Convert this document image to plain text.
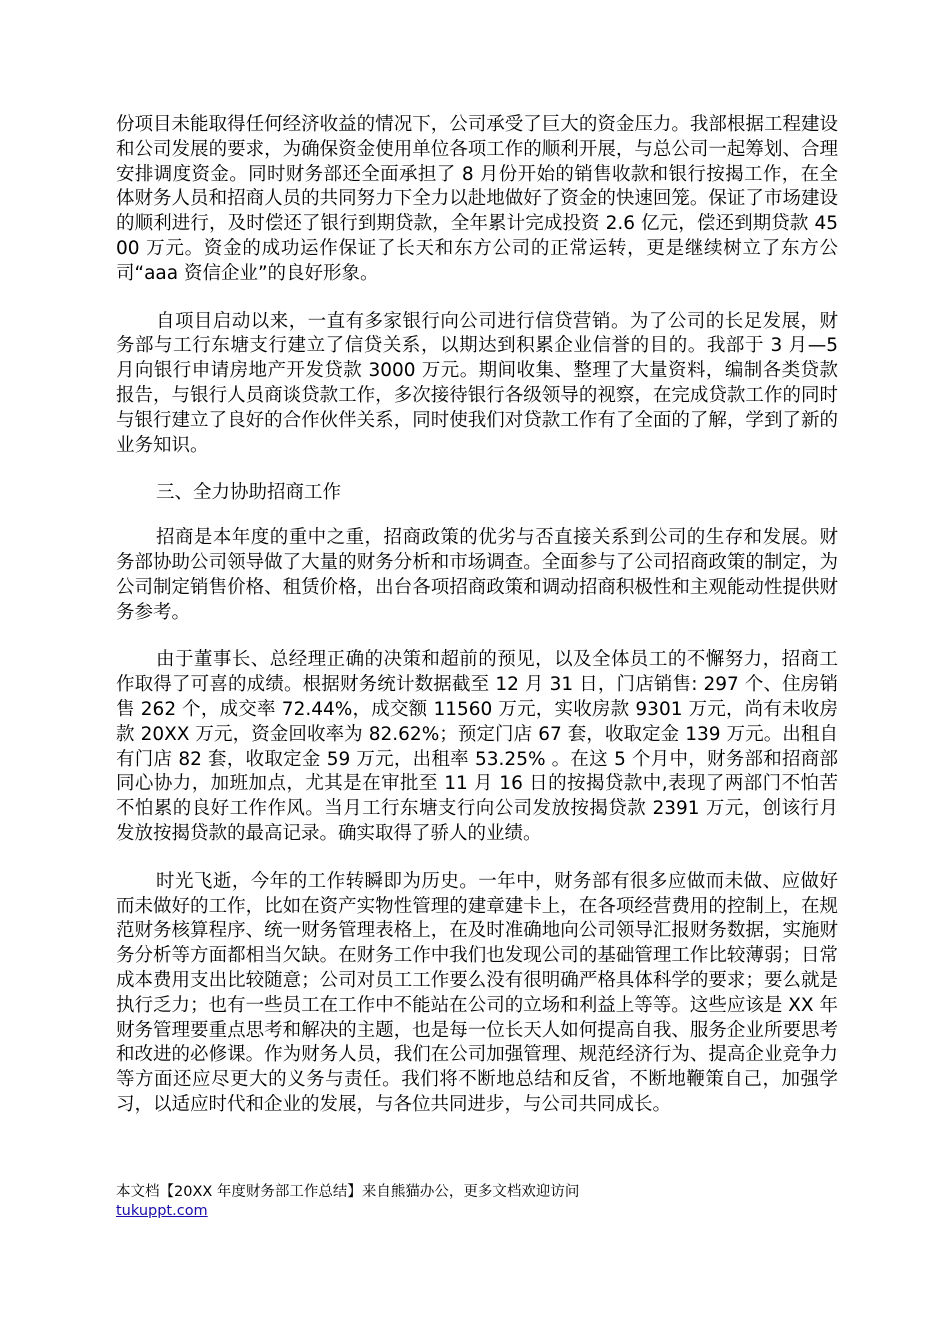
份项目未能取得任何经济收益的情况下，公司承受了巨大的资金压力。我部根据工程建设和公司发展的要求，为确保资金使用单位各项工作的顺利开展，与总公司一起筹划、合理安排调度资金。同时财务部还全面承担了 8 月份开始的销售收款和银行按揭工作，在全体财务人员和招商人员的共同努力下全力以赴地做好了资金的快速回笼。保证了市场建设的顺利进行，及时偿还了银行到期贷款，全年累计完成投资 2.6 亿元，偿还到期贷款 4500 万元。资金的成功运作保证了长天和东方公司的正常运转，更是继续树立了东方公司“aaa 资信企业”的良好形象。

自项目启动以来，一直有多家银行向公司进行信贷营销。为了公司的长足发展，财务部与工行东塘支行建立了信贷关系，以期达到积累企业信誉的目的。我部于 3 月—5 月向银行申请房地产开发贷款 3000 万元。期间收集、整理了大量资料，编制各类贷款报告，与银行人员商谈贷款工作，多次接待银行各级领导的视察，在完成贷款工作的同时与银行建立了良好的合作伙伴关系，同时使我们对贷款工作有了全面的了解，学到了新的业务知识。

三、全力协助招商工作

招商是本年度的重中之重，招商政策的优劣与否直接关系到公司的生存和发展。财务部协助公司领导做了大量的财务分析和市场调查。全面参与了公司招商政策的制定，为公司制定销售价格、租赁价格，出台各项招商政策和调动招商积极性和主观能动性提供财务参考。

由于董事长、总经理正确的决策和超前的预见，以及全体员工的不懈努力，招商工作取得了可喜的成绩。根据财务统计数据截至 12 月 31 日，门店销售: 297 个、住房销售 262 个，成交率 72.44%，成交额 11560 万元，实收房款 9301 万元，尚有未收房款 20XX 万元，资金回收率为 82.62%；预定门店 67 套，收取定金 139 万元。出租自有门店 82 套，收取定金 59 万元，出租率 53.25% 。在这 5 个月中，财务部和招商部同心协力，加班加点，尤其是在审批至 11 月 16 日的按揭贷款中,表现了两部门不怕苦不怕累的良好工作作风。当月工行东塘支行向公司发放按揭贷款 2391 万元，创该行月发放按揭贷款的最高记录。确实取得了骄人的业绩。

时光飞逝，今年的工作转瞬即为历史。一年中，财务部有很多应做而未做、应做好而未做好的工作，比如在资产实物性管理的建章建卡上，在各项经营费用的控制上，在规范财务核算程序、统一财务管理表格上，在及时准确地向公司领导汇报财务数据，实施财务分析等方面都相当欠缺。在财务工作中我们也发现公司的基础管理工作比较薄弱；日常成本费用支出比较随意；公司对员工工作要么没有很明确严格具体科学的要求；要么就是执行乏力；也有一些员工在工作中不能站在公司的立场和利益上等等。这些应该是 XX 年财务管理要重点思考和解决的主题，也是每一位长天人如何提高自我、服务企业所要思考和改进的必修课。作为财务人员，我们在公司加强管理、规范经济行为、提高企业竞争力等方面还应尽更大的义务与责任。我们将不断地总结和反省，不断地鞭策自己，加强学习，以适应时代和企业的发展，与各位共同进步，与公司共同成长。

本文档【20XX 年度财务部工作总结】来自熊猫办公，更多文档欢迎访问
tukuppt.com
